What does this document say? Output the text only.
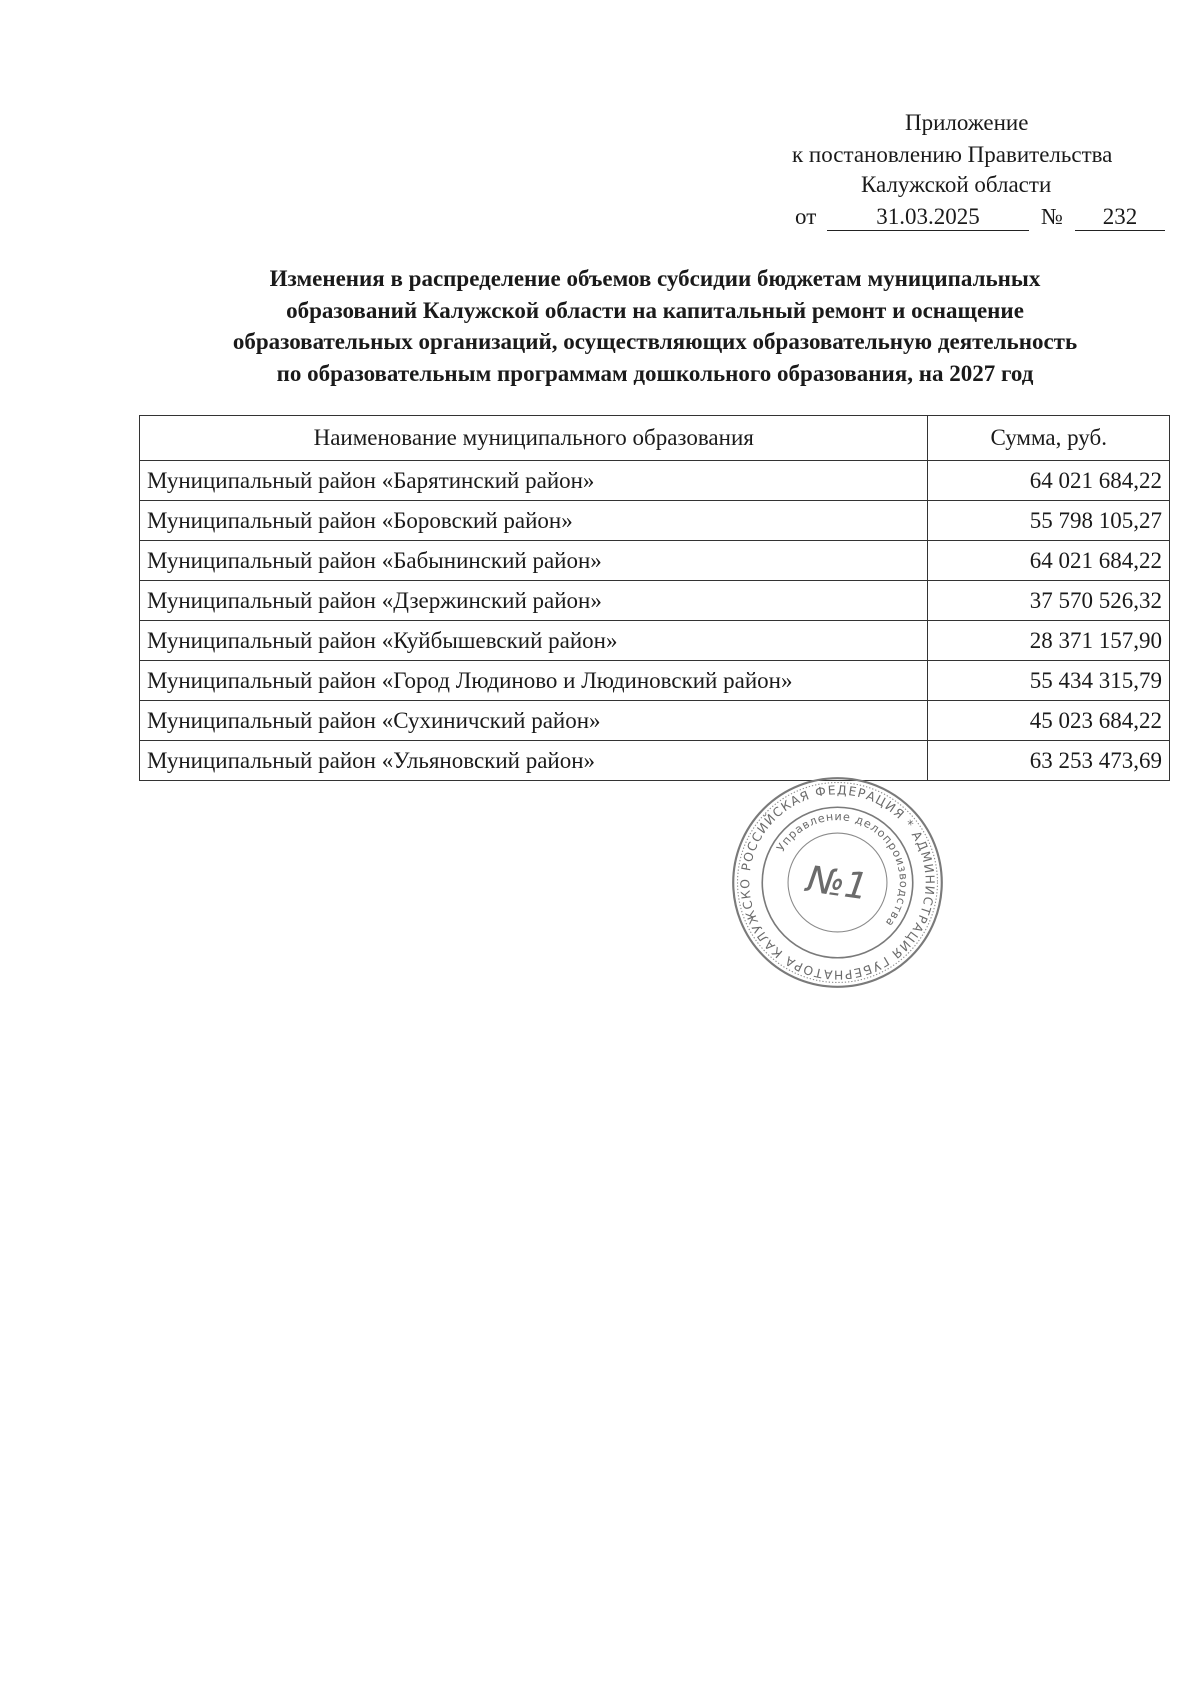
Приложение
к постановлению Правительства
Калужской области
от	31.03.2025	№	232
Изменения в распределение объемов субсидии бюджетам муниципальных
образований Калужской области на капитальный ремонт и оснащение
образовательных организаций, осуществляющих образовательную деятельность
по образовательным программам дошкольного образования, на 2027 год
Наименование муниципального образования	Сумма, руб.
Муниципальный район «Барятинский район»	64 021 684,22
Муниципальный район «Боровский район»	55 798 105,27
Муниципальный район «Бабынинский район»	64 021 684,22
Муниципальный район «Дзержинский район»	37 570 526,32
Муниципальный район «Куйбышевский район»	28 371 157,90
Муниципальный район «Город Людиново и Людиновский район»	55 434 315,79
Муниципальный район «Сухиничский район»	45 023 684,22
Муниципальный район «Ульяновский район»	63 253 473,69
РОССИЙСКАЯ ФЕДЕРАЦИЯ * АДМИНИСТРАЦИЯ ГУБЕРНАТОРА КАЛУЖСКО
Управление делопроизводства
№1
